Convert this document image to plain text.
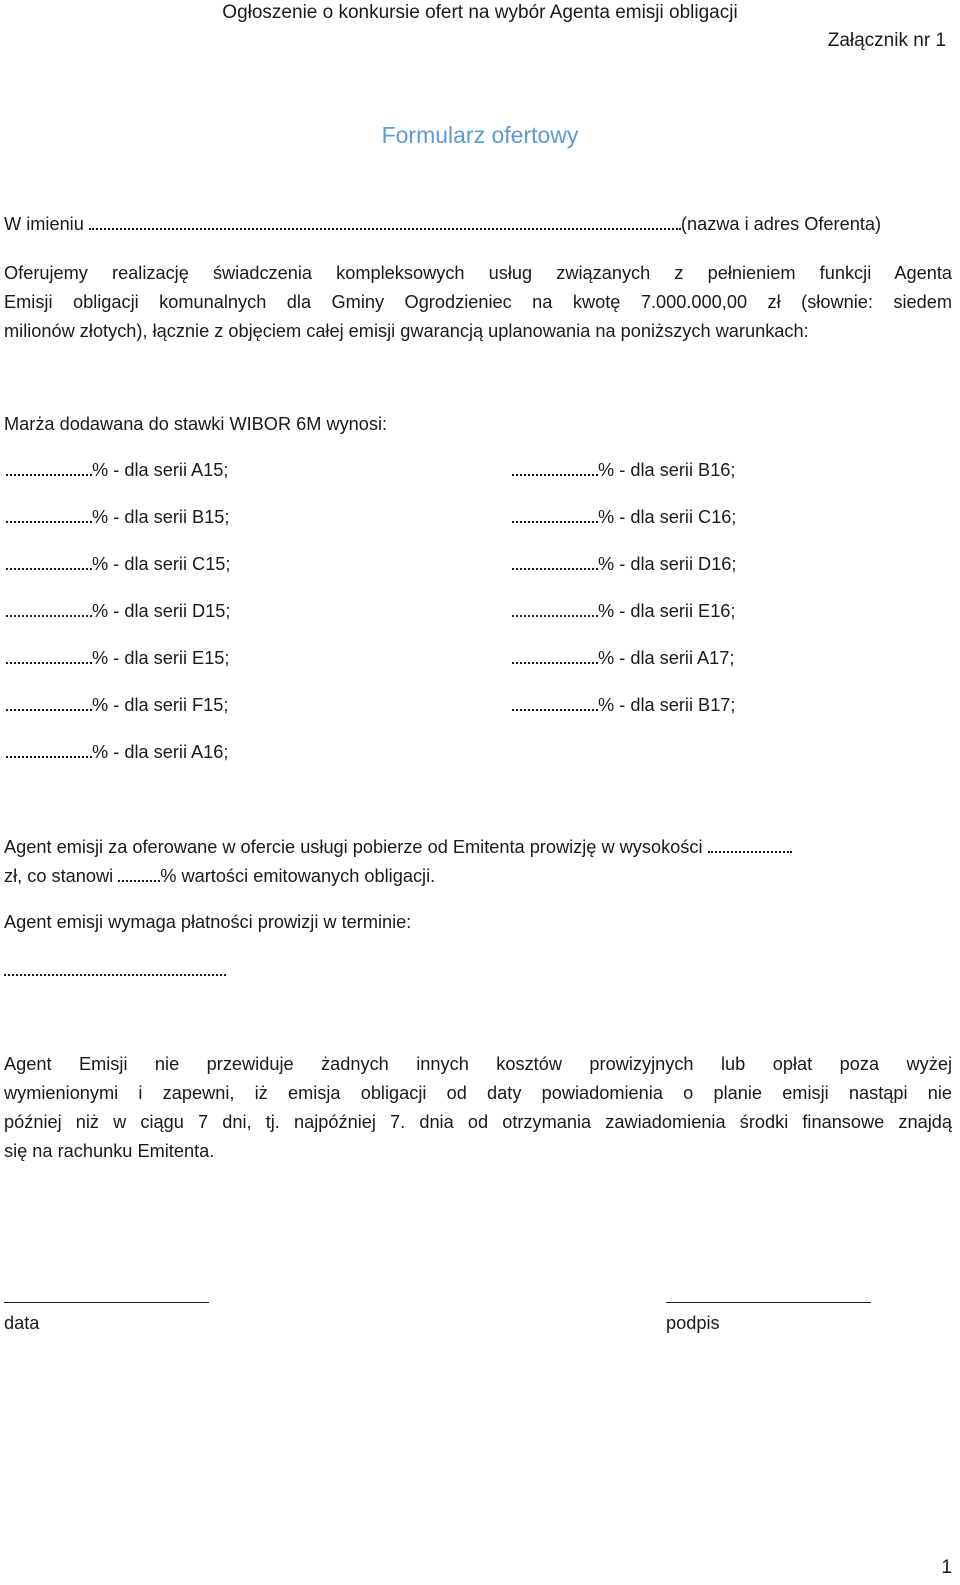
Ogłoszenie o konkursie ofert na wybór Agenta emisji obligacji
Załącznik nr 1
Formularz ofertowy
W imieniu	(nazwa i adres Oferenta)
Oferujemy realizację świadczenia kompleksowych usług związanych z pełnieniem funkcji Agenta
Emisji obligacji komunalnych dla Gminy Ogrodzieniec na kwotę 7.000.000,00 zł (słownie: siedem
milionów złotych), łącznie z objęciem całej emisji gwarancją uplanowania na poniższych warunkach:
Marża dodawana do stawki WIBOR 6M wynosi:
% - dla serii A15;
% - dla serii B15;
% - dla serii C15;
% - dla serii D15;
% - dla serii E15;
% - dla serii F15;
% - dla serii A16;
% - dla serii B16;
% - dla serii C16;
% - dla serii D16;
% - dla serii E16;
% - dla serii A17;
% - dla serii B17;
Agent emisji za oferowane w ofercie usługi pobierze od Emitenta prowizję w wysokości
zł, co stanowi	% wartości emitowanych obligacji.
Agent emisji wymaga płatności prowizji w terminie:
Agent Emisji nie przewiduje żadnych innych kosztów prowizyjnych lub opłat poza wyżej
wymienionymi i zapewni, iż emisja obligacji od daty powiadomienia o planie emisji nastąpi nie
później niż w ciągu 7 dni, tj. najpóźniej 7. dnia od otrzymania zawiadomienia środki finansowe znajdą
się na rachunku Emitenta.
data	podpis
1
